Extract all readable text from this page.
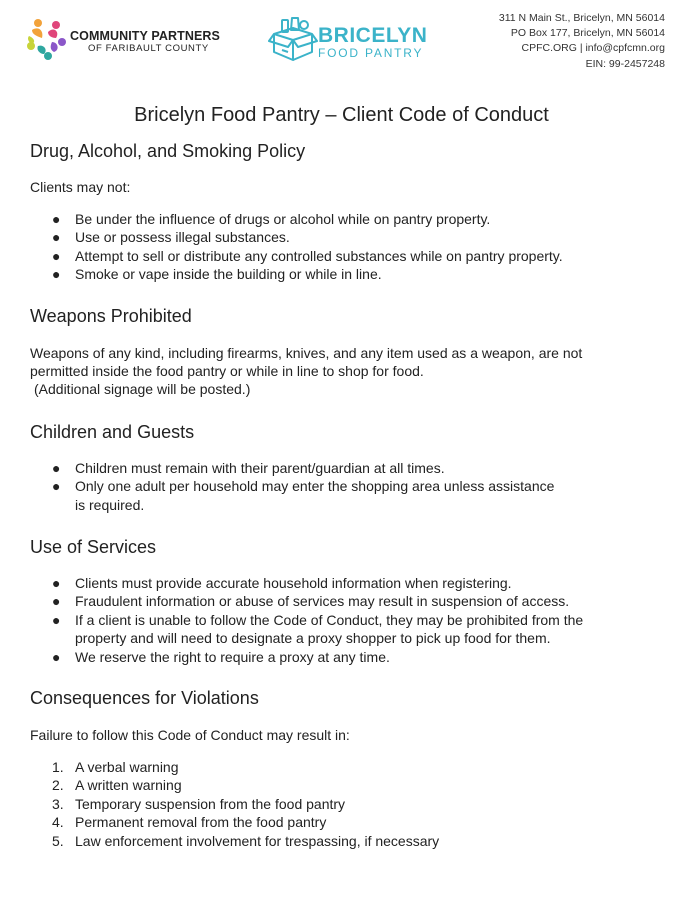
COMMUNITY PARTNERS
OF FARIBAULT COUNTY
BRICELYN
FOOD PANTRY
311 N Main St., Bricelyn, MN 56014
PO Box 177, Bricelyn, MN 56014
CPFC.ORG | info@cpfcmn.org
EIN: 99-2457248
Bricelyn Food Pantry – Client Code of Conduct
Drug, Alcohol, and Smoking Policy
Clients may not:
● Be under the influence of drugs or alcohol while on pantry property.
● Use or possess illegal substances.
● Attempt to sell or distribute any controlled substances while on pantry property.
● Smoke or vape inside the building or while in line.
Weapons Prohibited
Weapons of any kind, including firearms, knives, and any item used as a weapon, are not permitted inside the food pantry or while in line to shop for food.
(Additional signage will be posted.)
Children and Guests
● Children must remain with their parent/guardian at all times.
● Only one adult per household may enter the shopping area unless assistance is required.
Use of Services
● Clients must provide accurate household information when registering.
● Fraudulent information or abuse of services may result in suspension of access.
● If a client is unable to follow the Code of Conduct, they may be prohibited from the property and will need to designate a proxy shopper to pick up food for them.
● We reserve the right to require a proxy at any time.
Consequences for Violations
Failure to follow this Code of Conduct may result in:
1. A verbal warning
2. A written warning
3. Temporary suspension from the food pantry
4. Permanent removal from the food pantry
5. Law enforcement involvement for trespassing, if necessary
